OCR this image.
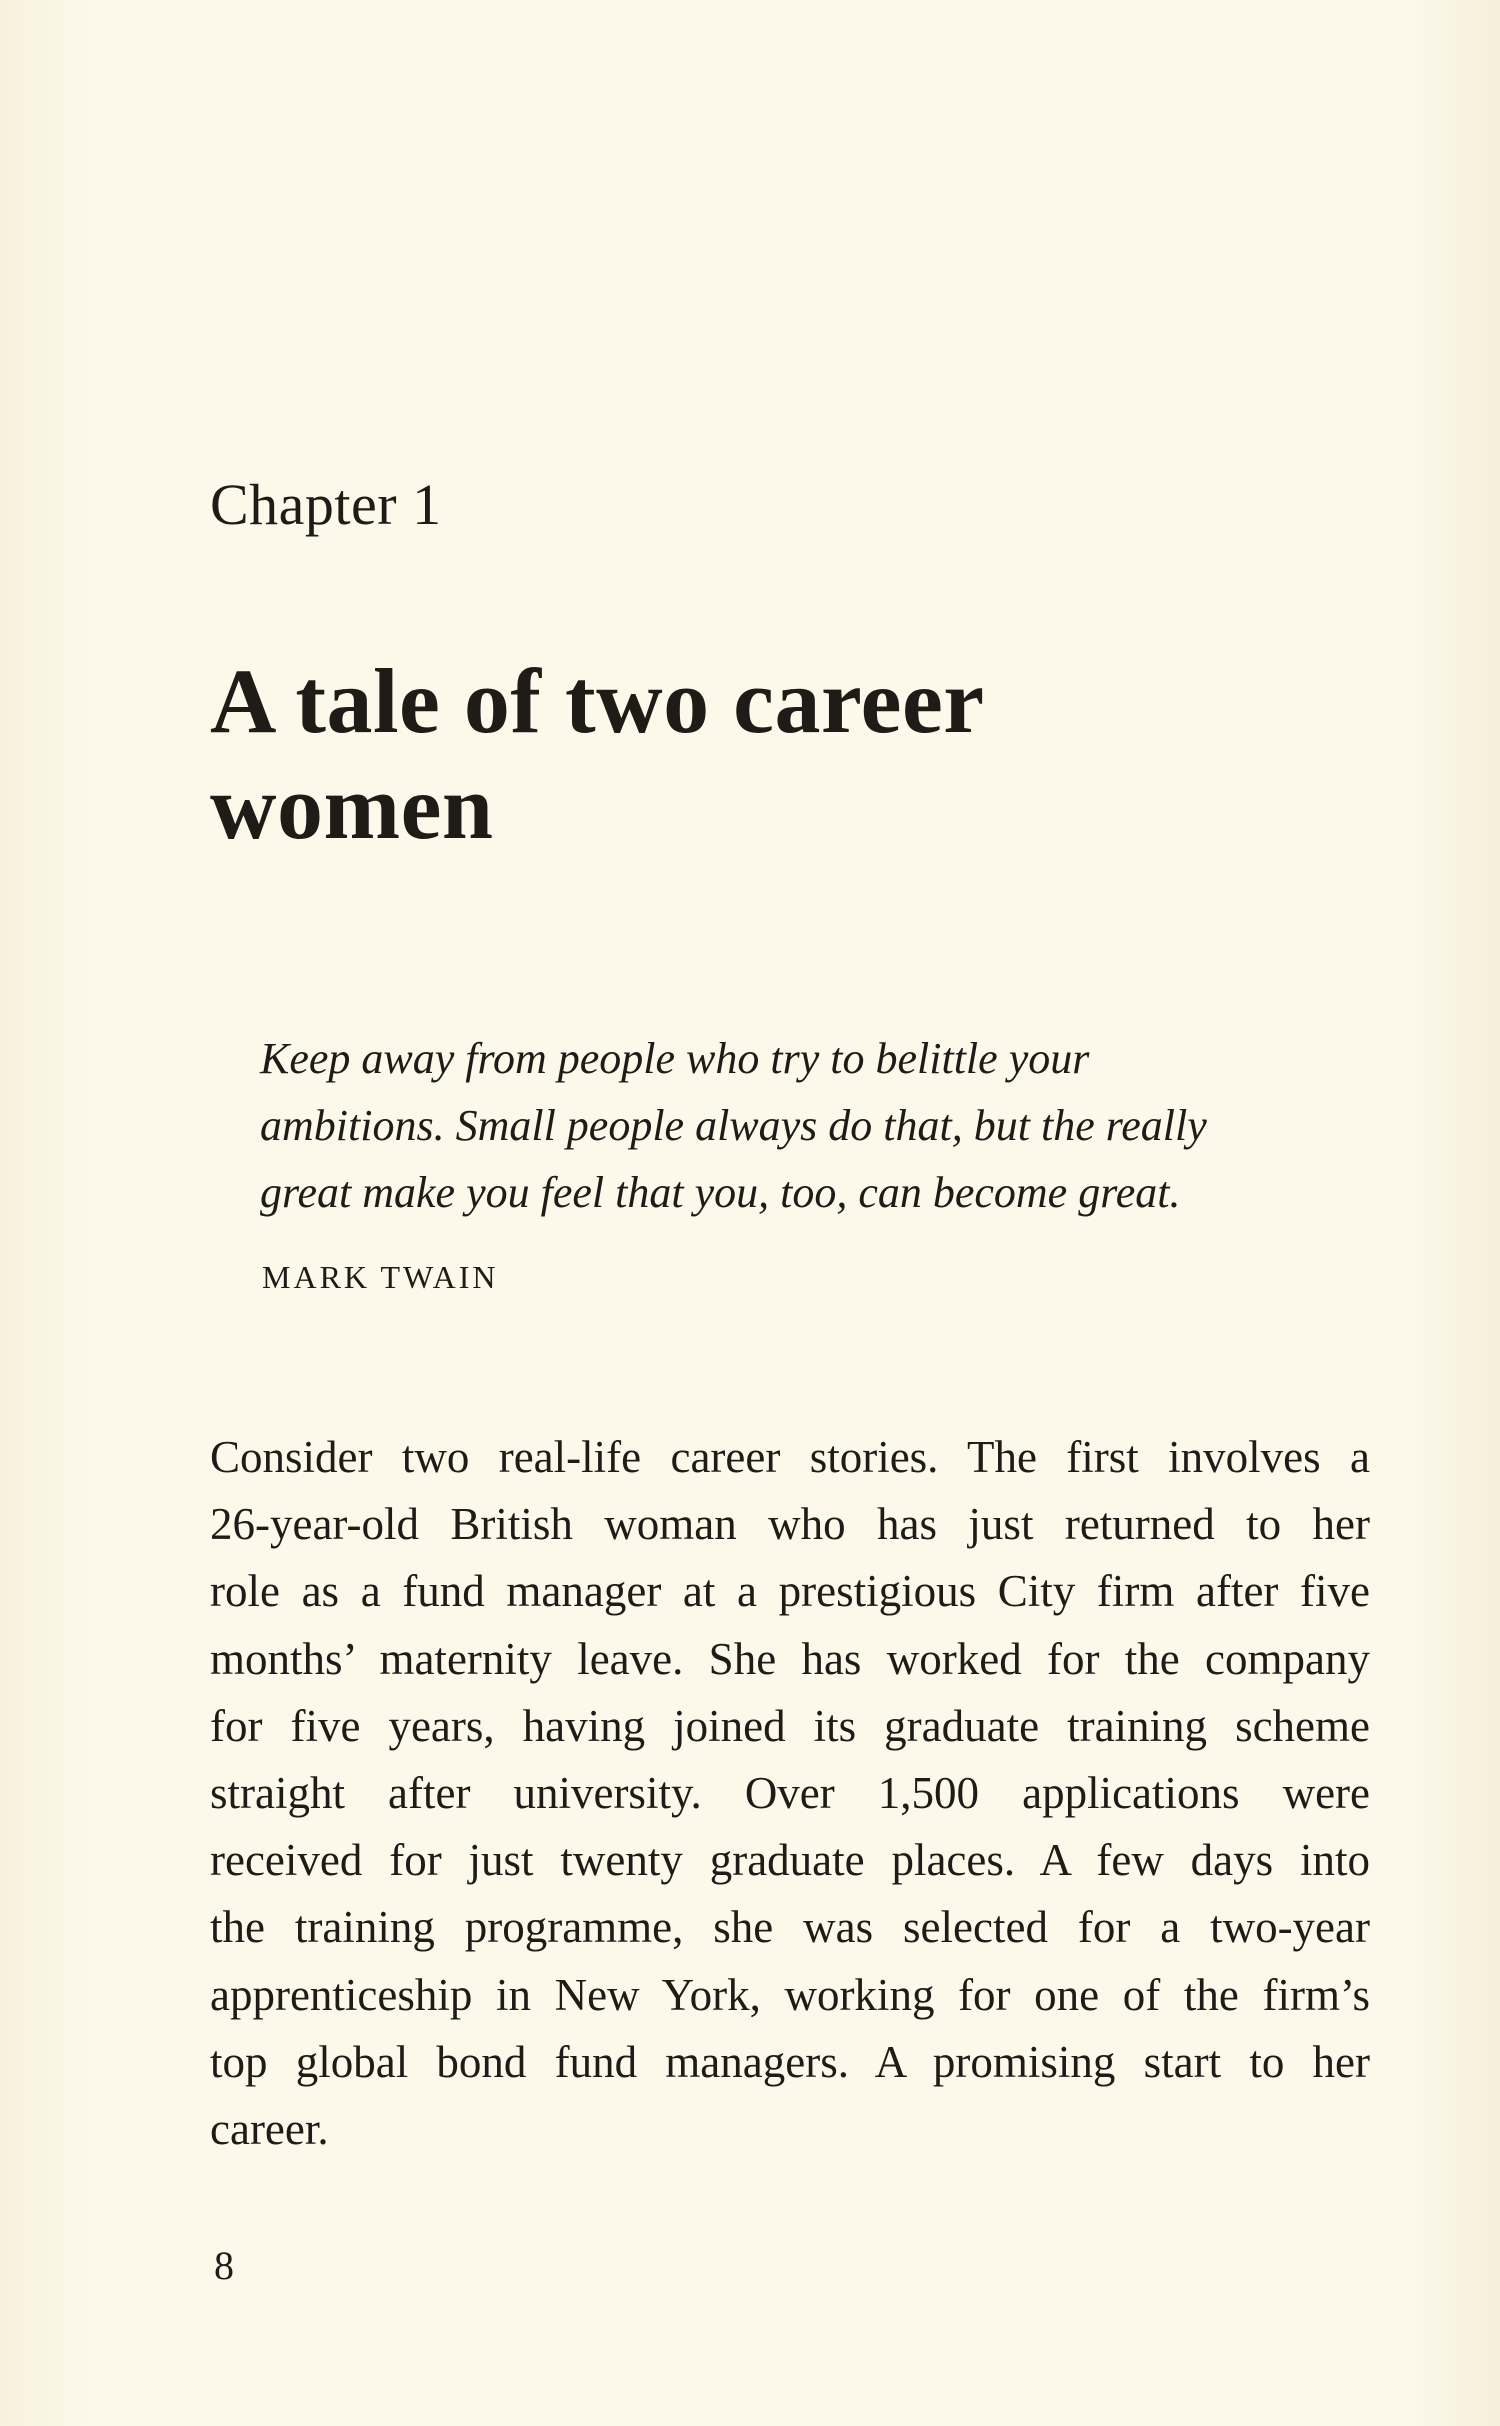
Chapter 1
A tale of two career
women
Keep away from people who try to belittle your
ambitions. Small people always do that, but the really
great make you feel that you, too, can become great.
MARK TWAIN
Consider two real-life career stories. The first involves a
26-year-old British woman who has just returned to her
role as a fund manager at a prestigious City firm after five
months’ maternity leave. She has worked for the company
for five years, having joined its graduate training scheme
straight after university. Over 1,500 applications were
received for just twenty graduate places. A few days into
the training programme, she was selected for a two-year
apprenticeship in New York, working for one of the firm’s
top global bond fund managers. A promising start to her
career.
8
